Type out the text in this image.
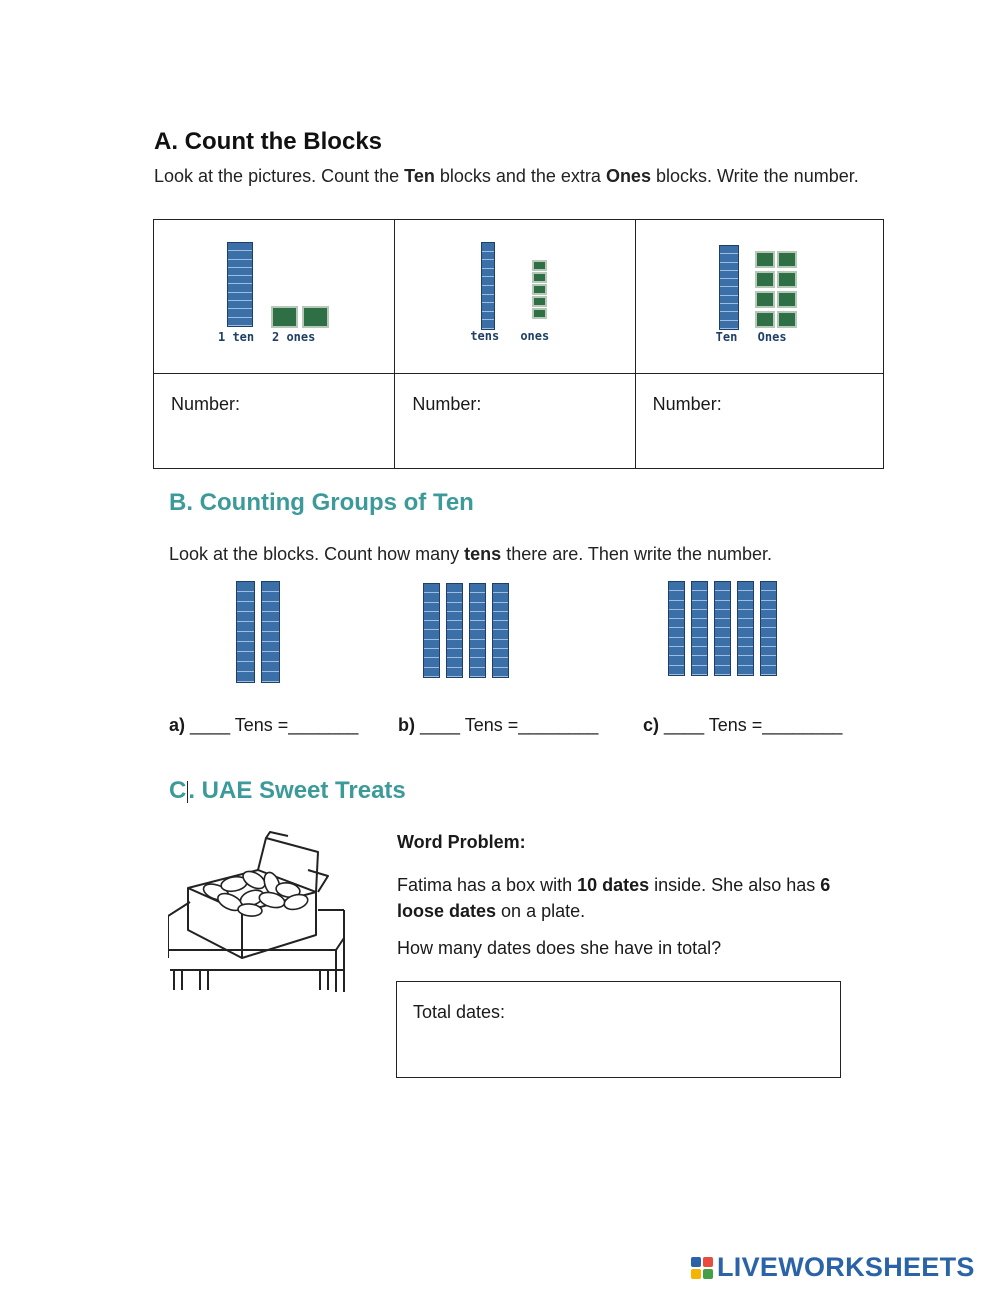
A. Count the Blocks
Look at the pictures. Count the Ten blocks and the extra Ones blocks. Write the number.
1 ten 2 ones	tens ones	Ten Ones

Number:	Number:	Number:
B. Counting Groups of Ten
Look at the blocks. Count how many tens there are. Then write the number.
a) ____ Tens =_______ b) ____ Tens =________ c) ____ Tens =________
C. UAE Sweet Treats
Word Problem:
Fatima has a box with 10 dates inside. She also has 6 loose dates on a plate.
How many dates does she have in total?
Total dates:
LIVEWORKSHEETS
